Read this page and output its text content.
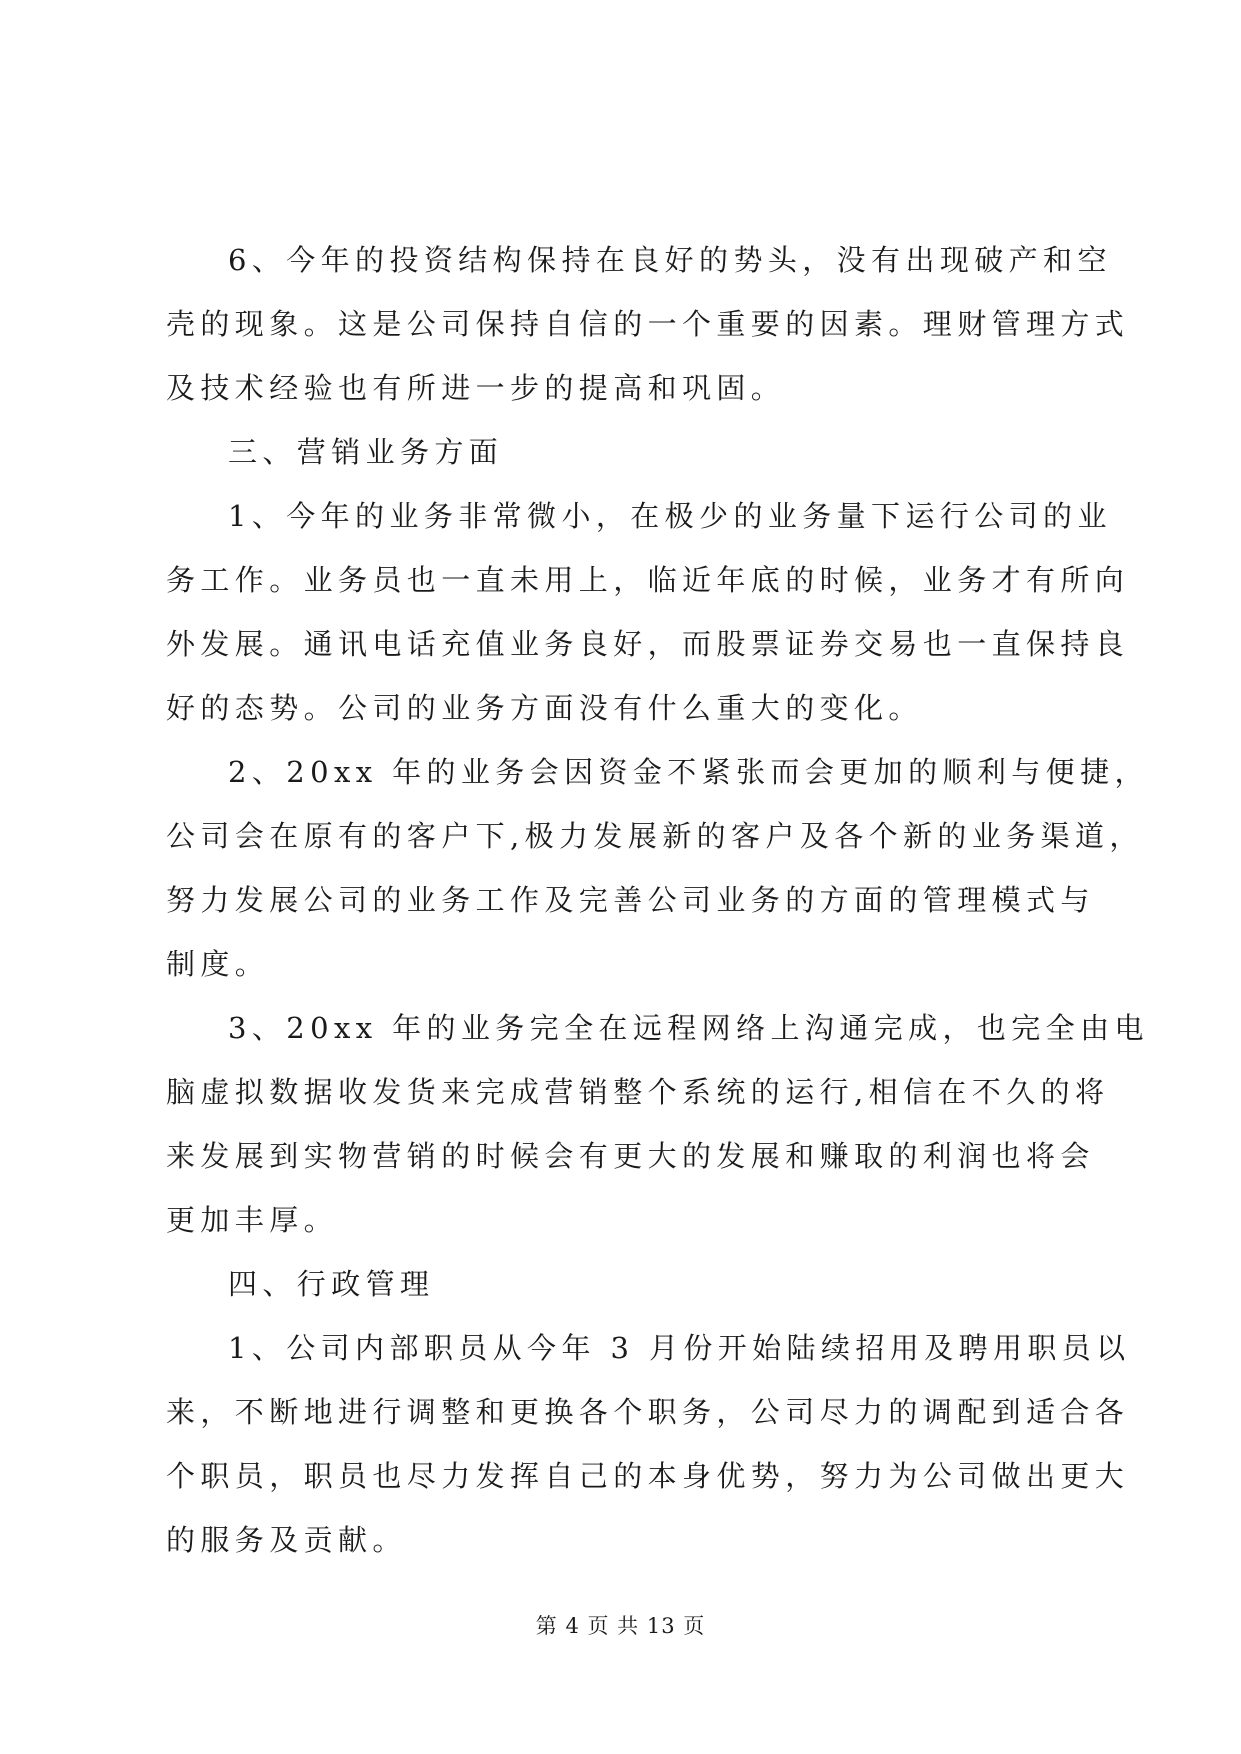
6、今年的投资结构保持在良好的势头，没有出现破产和空
壳的现象。这是公司保持自信的一个重要的因素。理财管理方式
及技术经验也有所进一步的提高和巩固。
三、营销业务方面
1、今年的业务非常微小，在极少的业务量下运行公司的业
务工作。业务员也一直未用上，临近年底的时候，业务才有所向
外发展。通讯电话充值业务良好，而股票证券交易也一直保持良
好的态势。公司的业务方面没有什么重大的变化。
2、20xx 年的业务会因资金不紧张而会更加的顺利与便捷，
公司会在原有的客户下,极力发展新的客户及各个新的业务渠道，
努力发展公司的业务工作及完善公司业务的方面的管理模式与
制度。
3、20xx 年的业务完全在远程网络上沟通完成，也完全由电
脑虚拟数据收发货来完成营销整个系统的运行,相信在不久的将
来发展到实物营销的时候会有更大的发展和赚取的利润也将会
更加丰厚。
四、行政管理
1、公司内部职员从今年 3 月份开始陆续招用及聘用职员以
来，不断地进行调整和更换各个职务，公司尽力的调配到适合各
个职员，职员也尽力发挥自己的本身优势，努力为公司做出更大
的服务及贡献。
第 4 页 共 13 页
